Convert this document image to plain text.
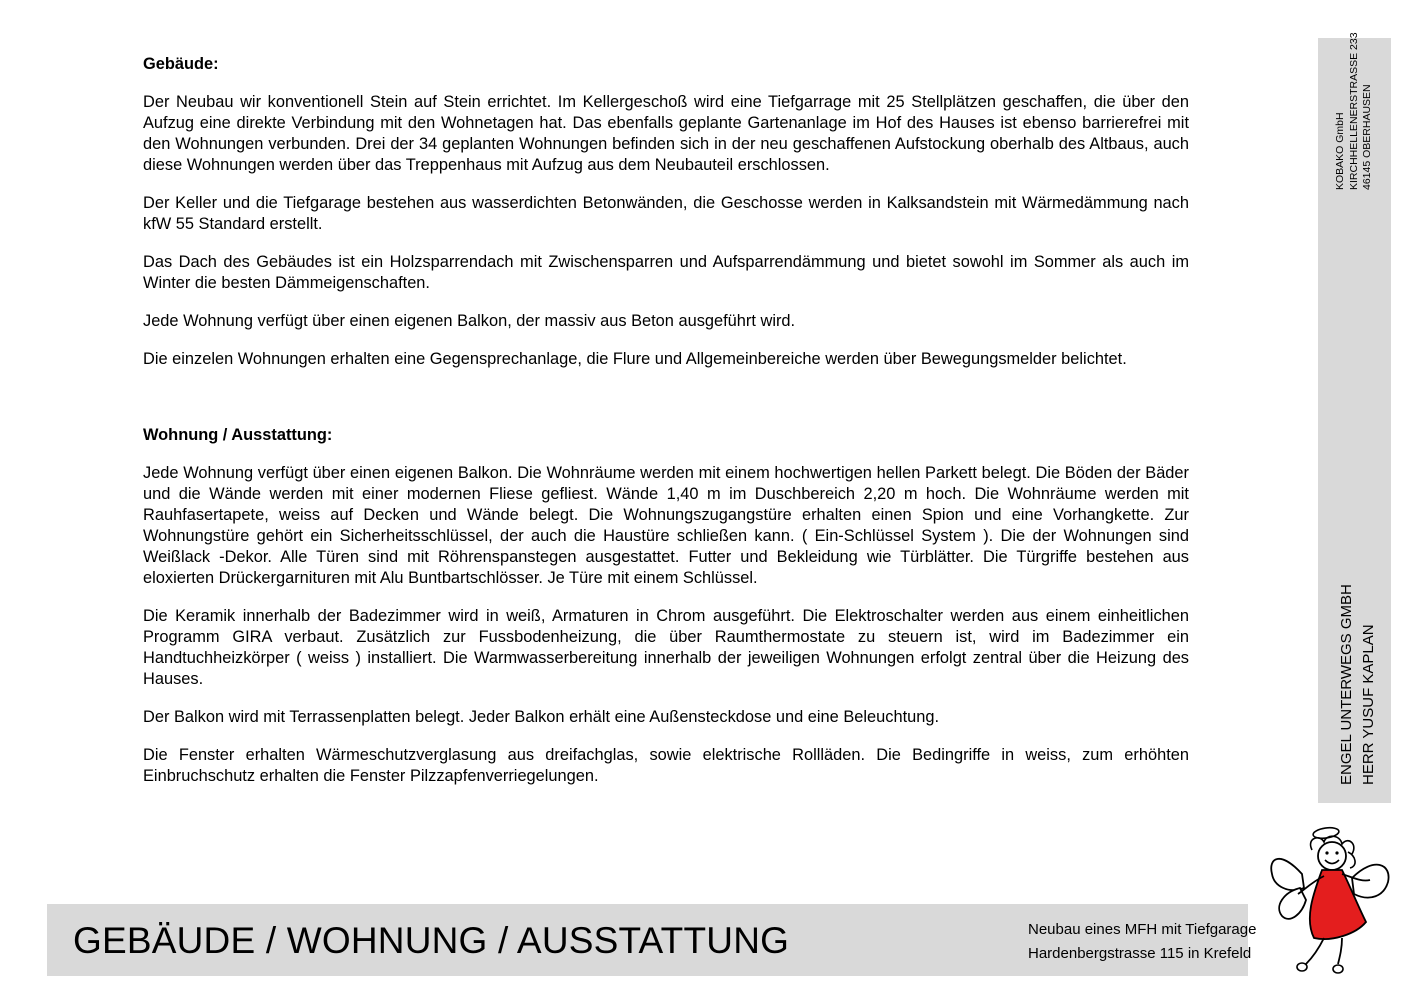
Gebäude:

Der Neubau wir konventionell Stein auf Stein errichtet. Im Kellergeschoß wird eine Tiefgarrage mit 25 Stellplätzen geschaffen, die über den Aufzug eine direkte Verbindung mit den Wohnetagen hat. Das ebenfalls geplante Gartenanlage im Hof des Hauses ist ebenso barrierefrei mit den Wohnungen verbunden. Drei der 34 geplanten Wohnungen befinden sich in der neu geschaffenen Aufstockung oberhalb des Altbaus, auch diese Wohnungen werden über das Treppenhaus mit Aufzug aus dem Neubauteil erschlossen.

Der Keller und die Tiefgarage bestehen aus wasserdichten Betonwänden, die Geschosse werden in Kalksandstein mit Wärmedämmung nach kfW 55 Standard erstellt.

Das Dach des Gebäudes ist ein Holzsparrendach mit Zwischensparren und Aufsparrendämmung und bietet sowohl im Sommer als auch im Winter die besten Dämmeigenschaften.

Jede Wohnung verfügt über einen eigenen Balkon, der massiv aus Beton ausgeführt wird.

Die einzelen Wohnungen erhalten eine Gegensprechanlage, die Flure und Allgemeinbereiche werden über Bewegungsmelder belichtet.

Wohnung / Ausstattung:

Jede Wohnung verfügt über einen eigenen Balkon. Die Wohnräume werden mit einem hochwertigen hellen Parkett belegt. Die Böden der Bäder und die Wände werden mit einer modernen Fliese gefliest. Wände 1,40 m im Duschbereich 2,20 m hoch. Die Wohnräume werden mit Rauhfasertapete, weiss auf Decken und Wände belegt. Die Wohnungszugangstüre erhalten einen Spion und eine Vorhangkette. Zur Wohnungstüre gehört ein Sicherheitsschlüssel, der auch die Haustüre schließen kann. ( Ein-Schlüssel System ). Die der Wohnungen sind Weißlack -Dekor. Alle Türen sind mit Röhrenspanstegen ausgestattet. Futter und Bekleidung wie Türblätter. Die Türgriffe bestehen aus eloxierten Drückergarnituren mit Alu Buntbartschlösser. Je Türe mit einem Schlüssel.

Die Keramik innerhalb der Badezimmer wird in weiß, Armaturen in Chrom ausgeführt. Die Elektroschalter werden aus einem einheitlichen Programm GIRA verbaut. Zusätzlich zur Fussbodenheizung, die über Raumthermostate zu steuern ist, wird im Badezimmer ein Handtuchheizkörper ( weiss ) installiert. Die Warmwasserbereitung innerhalb der jeweiligen Wohnungen erfolgt zentral über die Heizung des Hauses.

Der Balkon wird mit Terrassenplatten belegt. Jeder Balkon erhält eine Außensteckdose und eine Beleuchtung.

Die Fenster erhalten Wärmeschutzverglasung aus dreifachglas, sowie elektrische Rollläden. Die Bedingriffe in weiss, zum erhöhten Einbruchschutz erhalten die Fenster Pilzzapfenverriegelungen.

KOBAKO GmbH KIRCHHELLENERSTRASSE 233 46145 OBERHAUSEN
ENGEL UNTERWEGS GMBH HERR YUSUF KAPLAN
GEBÄUDE / WOHNUNG / AUSSTATTUNG	Neubau eines MFH mit Tiefgarage
Hardenbergstrasse 115 in Krefeld
